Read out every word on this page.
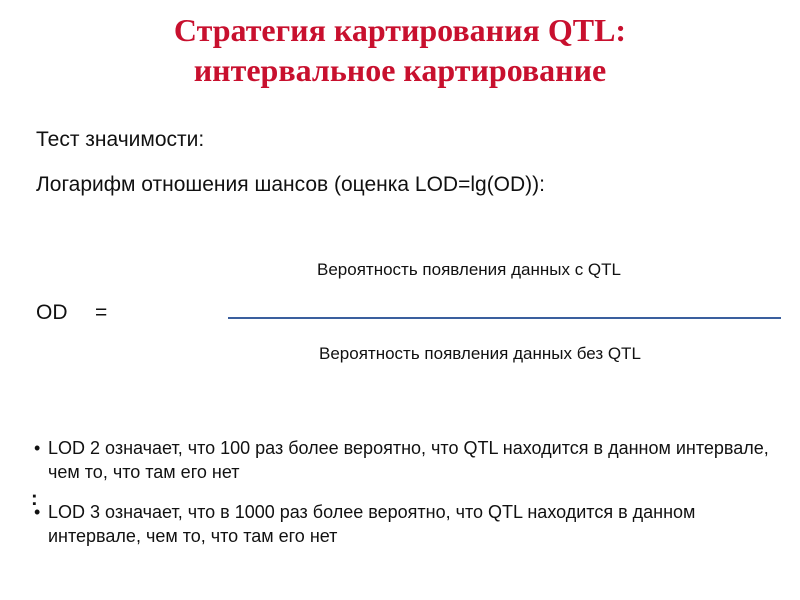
Стратегия картирования QTL:
интервальное картирование
Тест значимости:
Логарифм отношения шансов (оценка LOD=lg(OD)):
Вероятность появления данных с QTL
OD =
Вероятность появления данных без QTL
• LOD 2 означает, что 100 раз более вероятно, что QTL находится в данном интервале, чем то, что там его нет
:
• LOD 3 означает, что в 1000 раз более вероятно, что QTL находится в данном интервале, чем то, что там его нет
